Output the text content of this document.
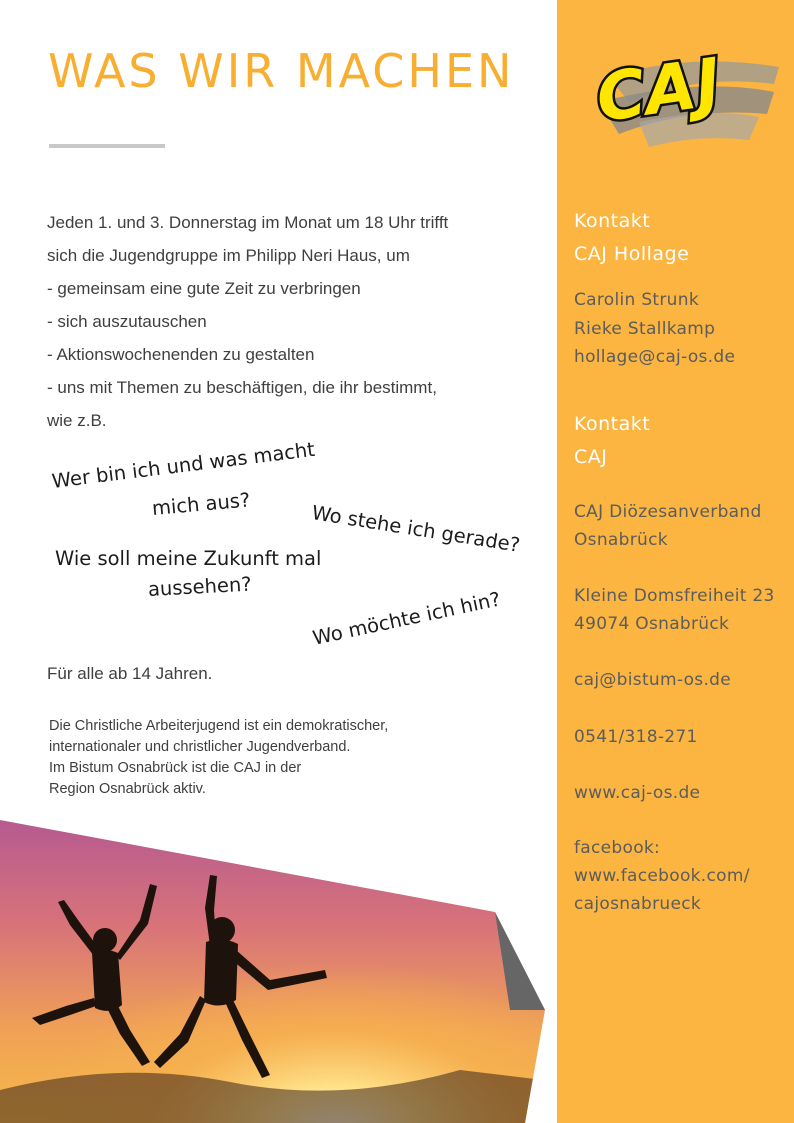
WAS WIR MACHEN
Jeden 1. und 3. Donnerstag im Monat um 18 Uhr trifft
sich die Jugendgruppe im Philipp Neri Haus, um
- gemeinsam eine gute Zeit zu verbringen
- sich auszutauschen
- Aktionswochenenden zu gestalten
- uns mit Themen zu beschäftigen, die ihr bestimmt,
wie z.B.
Wer bin ich und was macht
mich aus?	Wo stehe ich gerade?
Wie soll meine Zukunft mal
aussehen?
Wo möchte ich hin?
Für alle ab 14 Jahren.
Die Christliche Arbeiterjugend ist ein demokratischer,
internationaler und christlicher Jugendverband.
Im Bistum Osnabrück ist die CAJ in der
Region Osnabrück aktiv.
CAJ
Kontakt
CAJ Hollage
Carolin Strunk
Rieke Stallkamp
hollage@caj-os.de
Kontakt
CAJ
CAJ Diözesanverband
Osnabrück
Kleine Domsfreiheit 23
49074 Osnabrück
caj@bistum-os.de
0541/318-271
www.caj-os.de
facebook:
www.facebook.com/
cajosnabrueck
